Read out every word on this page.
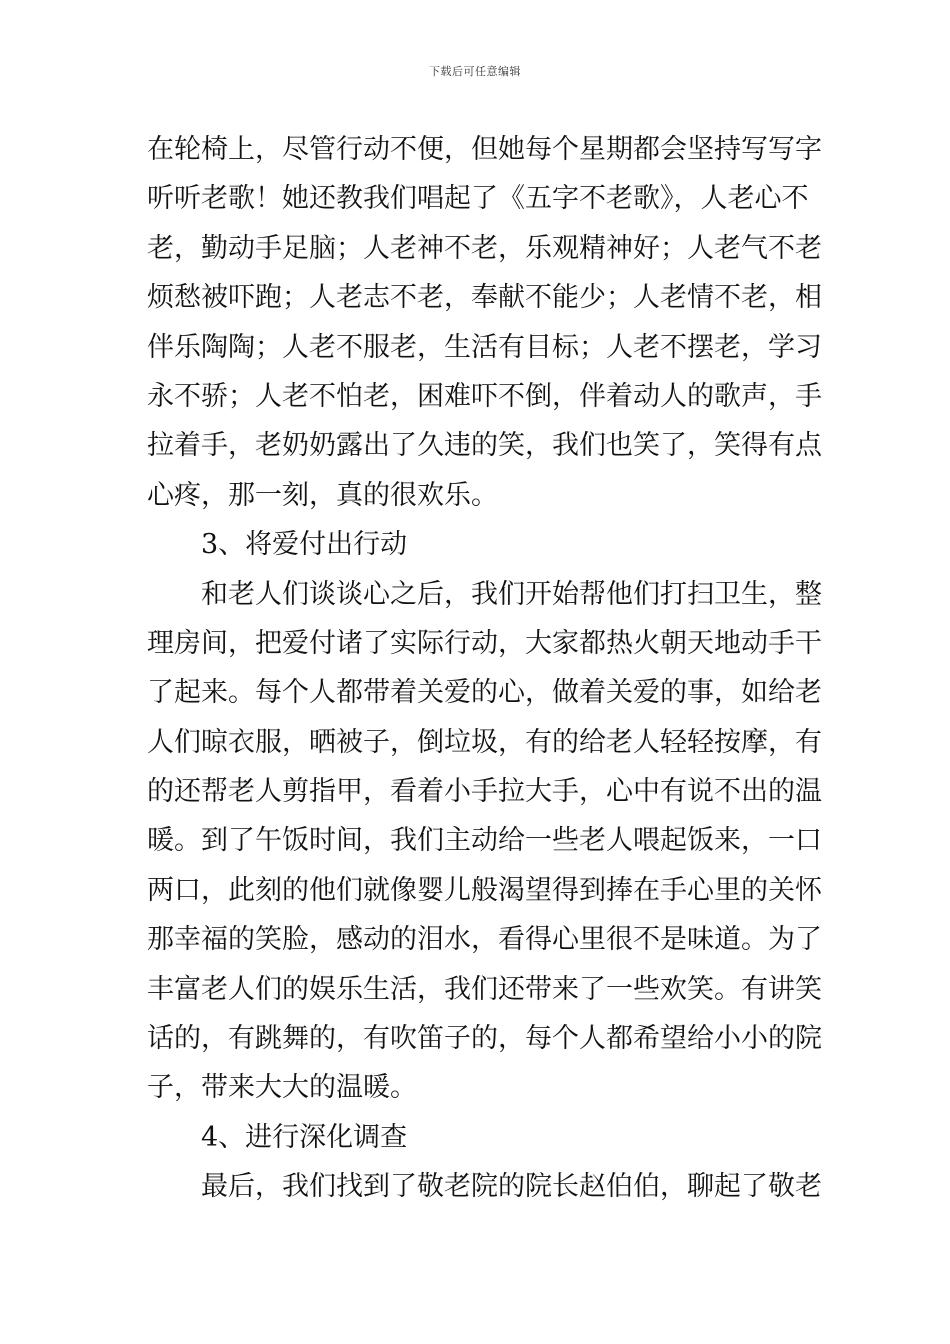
下载后可任意编辑
在轮椅上，尽管行动不便，但她每个星期都会坚持写写字
听听老歌！她还教我们唱起了《五字不老歌》，人老心不
老，勤动手足脑；人老神不老，乐观精神好；人老气不老
烦愁被吓跑；人老志不老，奉献不能少；人老情不老，相
伴乐陶陶；人老不服老，生活有目标；人老不摆老，学习
永不骄；人老不怕老，困难吓不倒，伴着动人的歌声，手
拉着手，老奶奶露出了久违的笑，我们也笑了，笑得有点
心疼，那一刻，真的很欢乐。
3、将爱付出行动
和老人们谈谈心之后，我们开始帮他们打扫卫生，整
理房间，把爱付诸了实际行动，大家都热火朝天地动手干
了起来。每个人都带着关爱的心，做着关爱的事，如给老
人们晾衣服，晒被子，倒垃圾，有的给老人轻轻按摩，有
的还帮老人剪指甲，看着小手拉大手，心中有说不出的温
暖。到了午饭时间，我们主动给一些老人喂起饭来，一口
两口，此刻的他们就像婴儿般渴望得到捧在手心里的关怀
那幸福的笑脸，感动的泪水，看得心里很不是味道。为了
丰富老人们的娱乐生活，我们还带来了一些欢笑。有讲笑
话的，有跳舞的，有吹笛子的，每个人都希望给小小的院
子，带来大大的温暖。
4、进行深化调查
最后，我们找到了敬老院的院长赵伯伯，聊起了敬老
